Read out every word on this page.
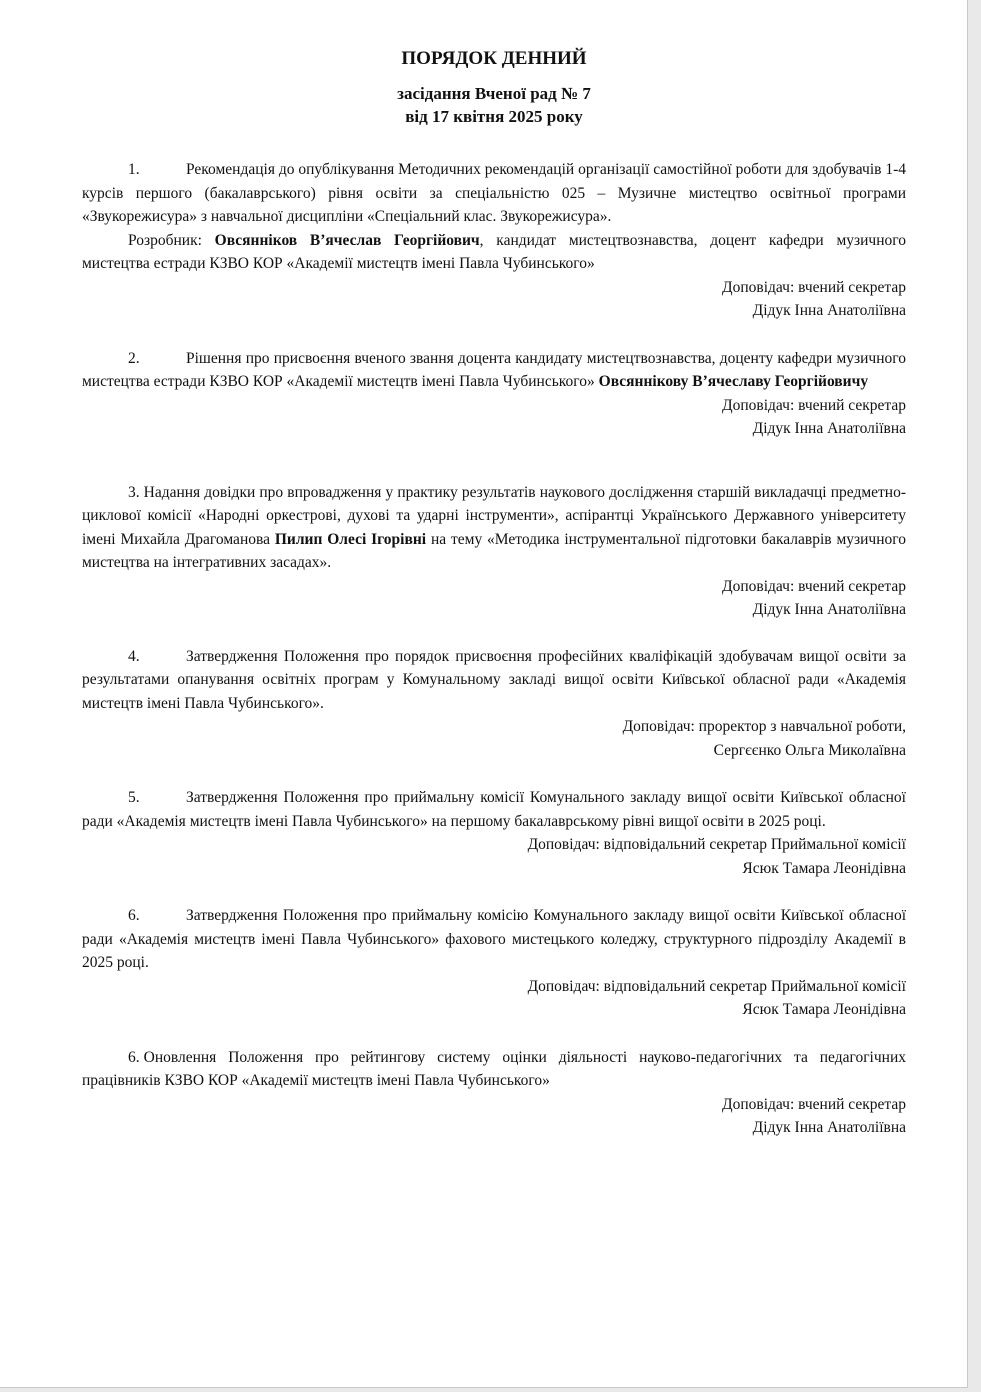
ПОРЯДОК ДЕННИЙ
засідання Вченої рад № 7
від 17 квітня 2025 року

1.	Рекомендація до опублікування Методичних рекомендацій організації самостійної роботи для здобувачів 1-4 курсів першого (бакалаврського) рівня освіти за спеціальністю 025 – Музичне мистецтво освітньої програми «Звукорежисура» з навчальної дисципліни «Спеціальний клас. Звукорежисура».

Розробник: Овсянніков В’ячеслав Георгійович, кандидат мистецтвознавства, доцент кафедри музичного мистецтва естради КЗВО КОР «Академії мистецтв імені Павла Чубинського»

Доповідач: вчений секретар

Дідук Інна Анатоліївна

2.	Рішення про присвоєння вченого звання доцента кандидату мистецтвознавства, доценту кафедри музичного мистецтва естради КЗВО КОР «Академії мистецтв імені Павла Чубинського» Овсяннікову В’ячеславу Георгійовичу

Доповідач: вчений секретар

Дідук Інна Анатоліївна

3. Надання довідки про впровадження у практику результатів наукового дослідження старшій викладачці предметно-циклової комісії «Народні оркестрові, духові та ударні інструменти», аспірантці Українського Державного університету імені Михайла Драгоманова Пилип Олесі Ігорівні на тему «Методика інструментальної підготовки бакалаврів музичного мистецтва на інтегративних засадах».

Доповідач: вчений секретар

Дідук Інна Анатоліївна

4.	Затвердження Положення про порядок присвоєння професійних кваліфікацій здобувачам вищої освіти за результатами опанування освітніх програм у Комунальному закладі вищої освіти Київської обласної ради «Академія мистецтв імені Павла Чубинського».

Доповідач: проректор з навчальної роботи,

Сергєєнко Ольга Миколаївна

5.	Затвердження Положення про приймальну комісії Комунального закладу вищої освіти Київської обласної ради «Академія мистецтв імені Павла Чубинського» на першому бакалаврському рівні вищої освіти в 2025 році.

Доповідач: відповідальний секретар Приймальної комісії

Ясюк Тамара Леонідівна

6.	Затвердження Положення про приймальну комісію Комунального закладу вищої освіти Київської обласної ради «Академія мистецтв імені Павла Чубинського» фахового мистецького коледжу, структурного підрозділу Академії в 2025 році.

Доповідач: відповідальний секретар Приймальної комісії

Ясюк Тамара Леонідівна

6. Оновлення Положення про рейтингову систему оцінки діяльності науково-педагогічних та педагогічних працівників КЗВО КОР «Академії мистецтв імені Павла Чубинського»

Доповідач: вчений секретар

Дідук Інна Анатоліївна
